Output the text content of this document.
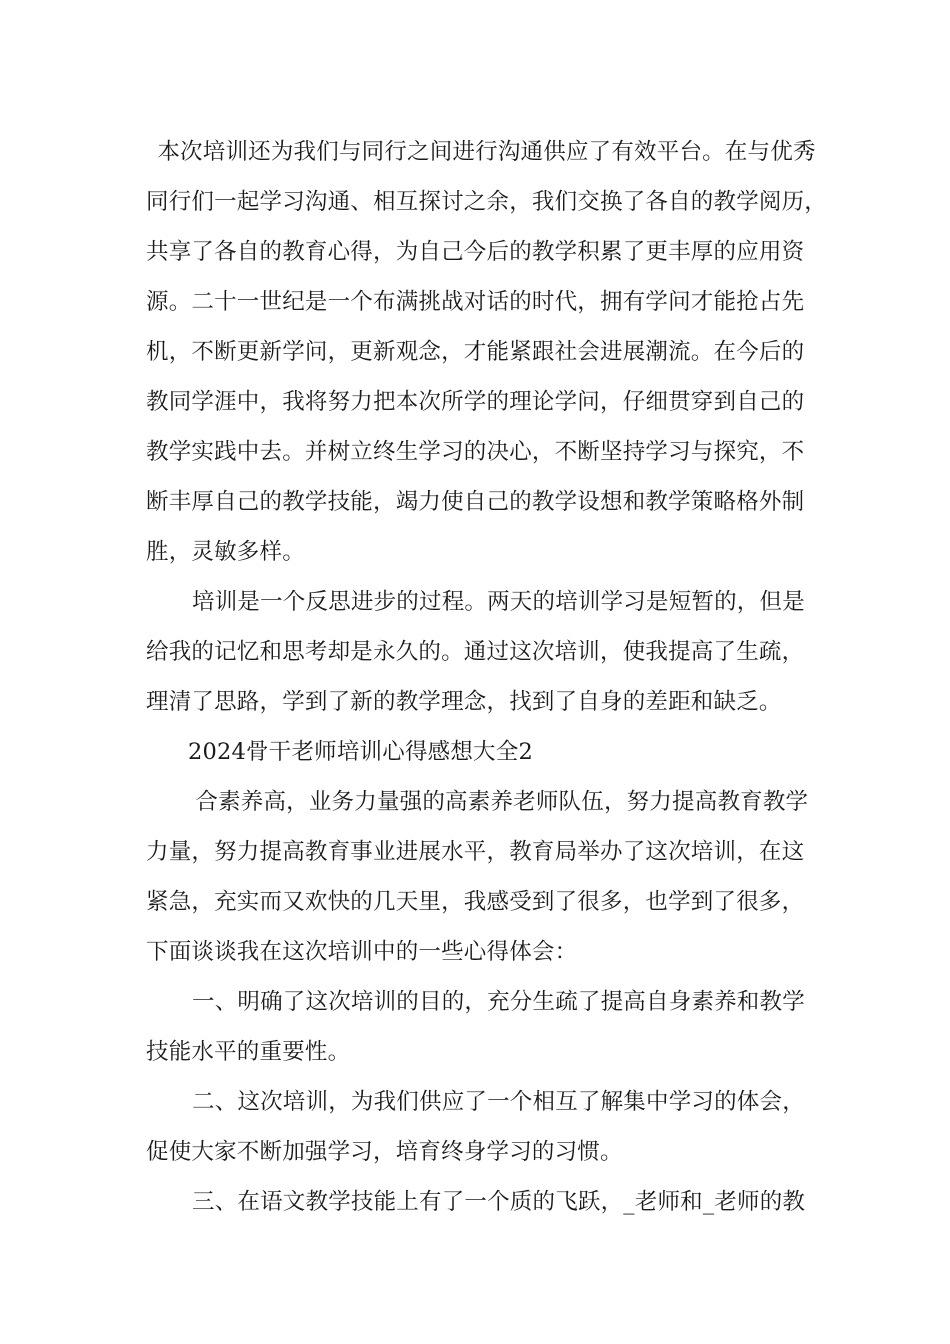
本次培训还为我们与同行之间进行沟通供应了有效平台。在与优秀
同行们一起学习沟通、相互探讨之余，我们交换了各自的教学阅历，
共享了各自的教育心得，为自己今后的教学积累了更丰厚的应用资
源。二十一世纪是一个布满挑战对话的时代，拥有学问才能抢占先
机，不断更新学问，更新观念，才能紧跟社会进展潮流。在今后的
教同学涯中，我将努力把本次所学的理论学问，仔细贯穿到自己的
教学实践中去。并树立终生学习的决心，不断坚持学习与探究，不
断丰厚自己的教学技能，竭力使自己的教学设想和教学策略格外制
胜，灵敏多样。
培训是一个反思进步的过程。两天的培训学习是短暂的，但是
给我的记忆和思考却是永久的。通过这次培训，使我提高了生疏，
理清了思路，学到了新的教学理念，找到了自身的差距和缺乏。
2024骨干老师培训心得感想大全2
合素养高，业务力量强的高素养老师队伍，努力提高教育教学
力量，努力提高教育事业进展水平，教育局举办了这次培训，在这
紧急，充实而又欢快的几天里，我感受到了很多，也学到了很多，
下面谈谈我在这次培训中的一些心得体会：
一、明确了这次培训的目的，充分生疏了提高自身素养和教学
技能水平的重要性。
二、这次培训，为我们供应了一个相互了解集中学习的体会，
促使大家不断加强学习，培育终身学习的习惯。
三、在语文教学技能上有了一个质的飞跃，_老师和_老师的教
